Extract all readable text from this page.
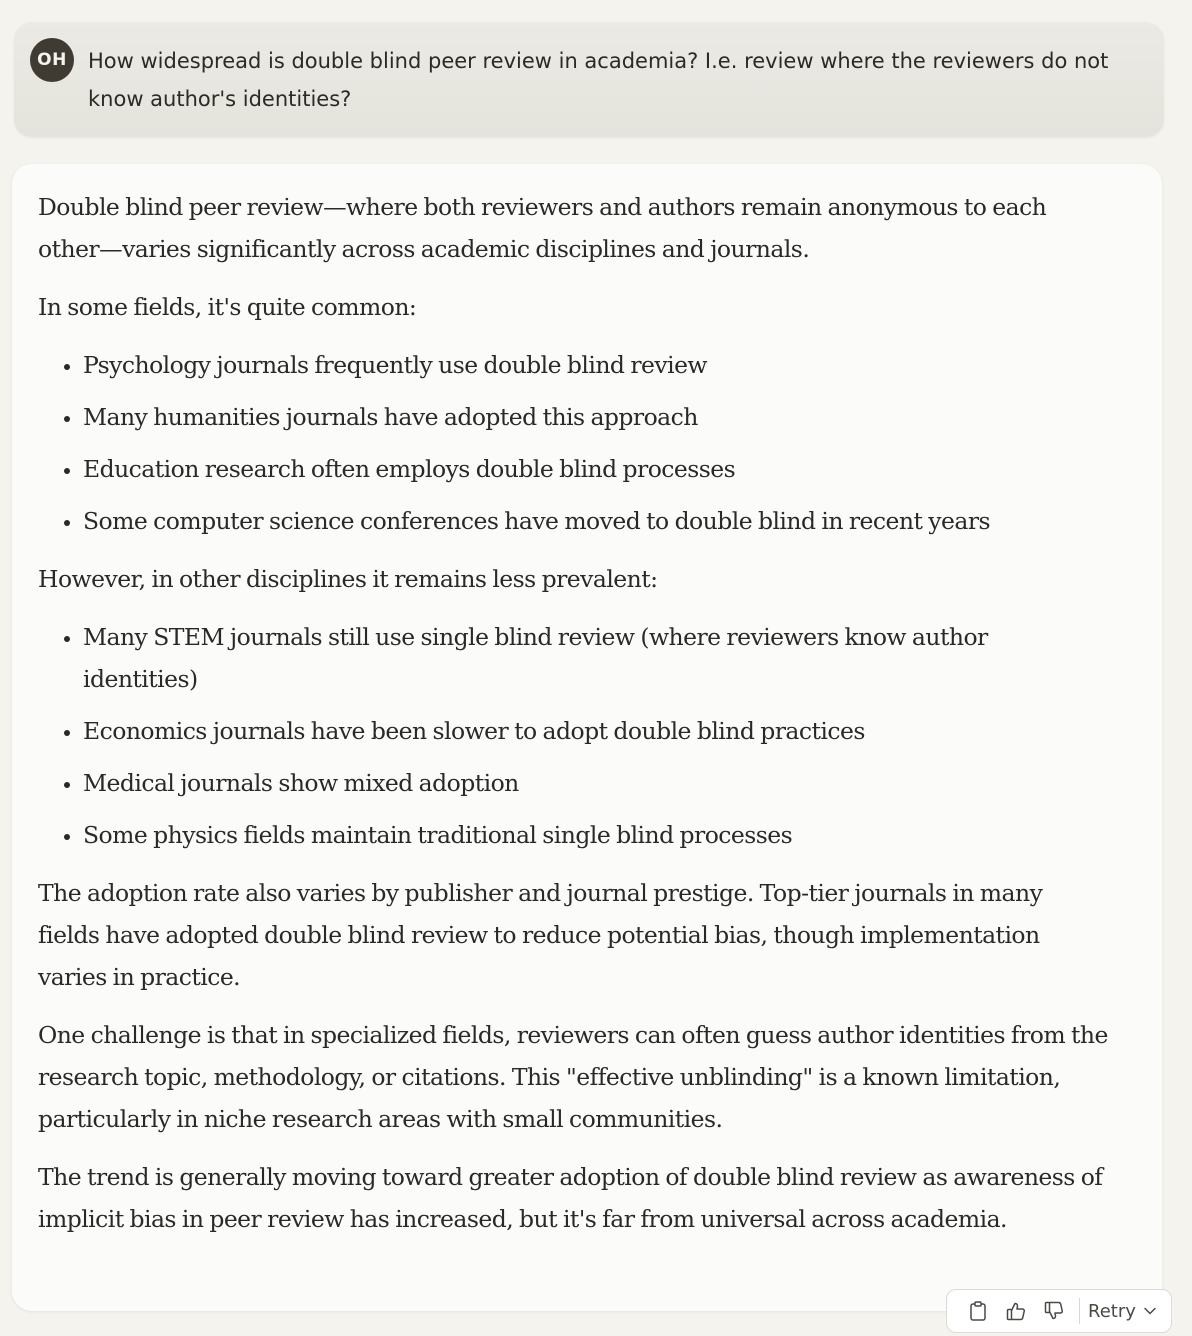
OH	How widespread is double blind peer review in academia? I.e. review where the reviewers do not know author's identities?

Double blind peer review—where both reviewers and authors remain anonymous to each other—varies significantly across academic disciplines and journals.

In some fields, it's quite common:

• Psychology journals frequently use double blind review
• Many humanities journals have adopted this approach
• Education research often employs double blind processes
• Some computer science conferences have moved to double blind in recent years

However, in other disciplines it remains less prevalent:

• Many STEM journals still use single blind review (where reviewers know author identities)
• Economics journals have been slower to adopt double blind practices
• Medical journals show mixed adoption
• Some physics fields maintain traditional single blind processes

The adoption rate also varies by publisher and journal prestige. Top-tier journals in many fields have adopted double blind review to reduce potential bias, though implementation varies in practice.

One challenge is that in specialized fields, reviewers can often guess author identities from the research topic, methodology, or citations. This "effective unblinding" is a known limitation, particularly in niche research areas with small communities.

The trend is generally moving toward greater adoption of double blind review as awareness of implicit bias in peer review has increased, but it's far from universal across academia.

Retry
